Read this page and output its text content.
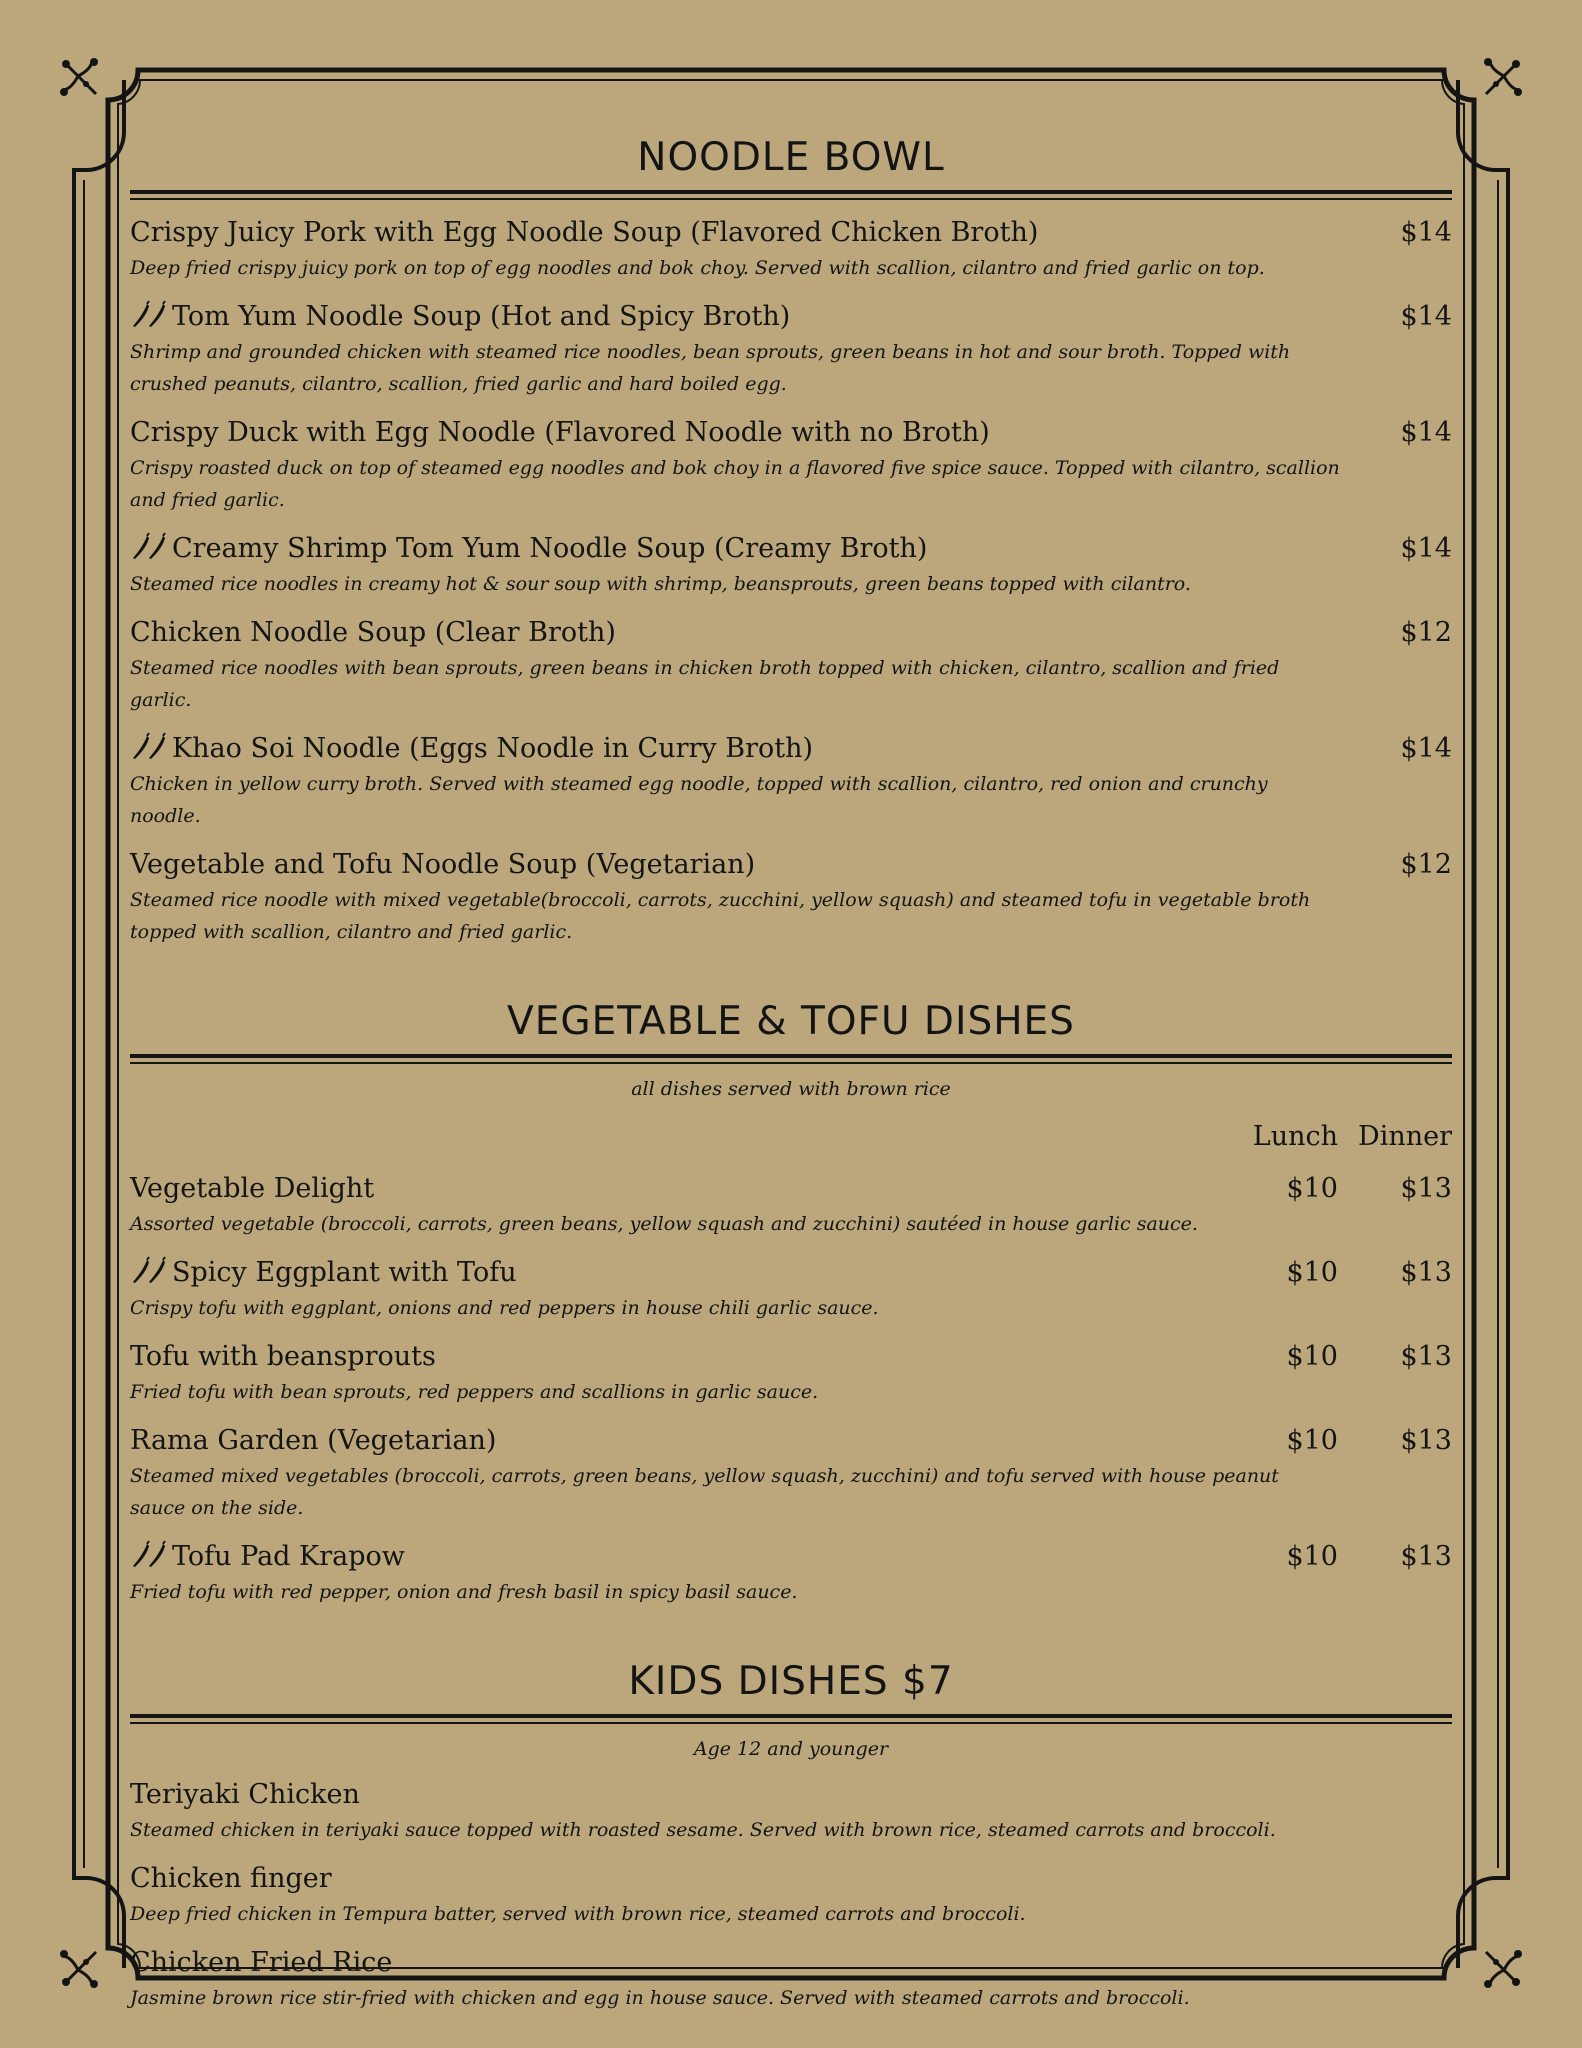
NOODLE BOWL
Crispy Juicy Pork with Egg Noodle Soup (Flavored Chicken Broth)	$14
Deep fried crispy juicy pork on top of egg noodles and bok choy. Served with scallion, cilantro and fried garlic on top.
Tom Yum Noodle Soup (Hot and Spicy Broth)	$14
Shrimp and grounded chicken with steamed rice noodles, bean sprouts, green beans in hot and sour broth. Topped with crushed peanuts, cilantro, scallion, fried garlic and hard boiled egg.
Crispy Duck with Egg Noodle (Flavored Noodle with no Broth)	$14
Crispy roasted duck on top of steamed egg noodles and bok choy in a flavored five spice sauce. Topped with cilantro, scallion and fried garlic.
Creamy Shrimp Tom Yum Noodle Soup (Creamy Broth)	$14
Steamed rice noodles in creamy hot & sour soup with shrimp, beansprouts, green beans topped with cilantro.
Chicken Noodle Soup (Clear Broth)	$12
Steamed rice noodles with bean sprouts, green beans in chicken broth topped with chicken, cilantro, scallion and fried garlic.
Khao Soi Noodle (Eggs Noodle in Curry Broth)	$14
Chicken in yellow curry broth. Served with steamed egg noodle, topped with scallion, cilantro, red onion and crunchy noodle.
Vegetable and Tofu Noodle Soup (Vegetarian)	$12
Steamed rice noodle with mixed vegetable(broccoli, carrots, zucchini, yellow squash) and steamed tofu in vegetable broth topped with scallion, cilantro and fried garlic.
VEGETABLE & TOFU DISHES
all dishes served with brown rice
Lunch Dinner
Vegetable Delight	$10 $13
Assorted vegetable (broccoli, carrots, green beans, yellow squash and zucchini) sautéed in house garlic sauce.
Spicy Eggplant with Tofu	$10 $13
Crispy tofu with eggplant, onions and red peppers in house chili garlic sauce.
Tofu with beansprouts	$10 $13
Fried tofu with bean sprouts, red peppers and scallions in garlic sauce.
Rama Garden (Vegetarian)	$10 $13
Steamed mixed vegetables (broccoli, carrots, green beans, yellow squash, zucchini) and tofu served with house peanut sauce on the side.
Tofu Pad Krapow	$10 $13
Fried tofu with red pepper, onion and fresh basil in spicy basil sauce.
KIDS DISHES $7
Age 12 and younger
Teriyaki Chicken
Steamed chicken in teriyaki sauce topped with roasted sesame. Served with brown rice, steamed carrots and broccoli.
Chicken finger
Deep fried chicken in Tempura batter, served with brown rice, steamed carrots and broccoli.
Chicken Fried Rice
Jasmine brown rice stir-fried with chicken and egg in house sauce. Served with steamed carrots and broccoli.
